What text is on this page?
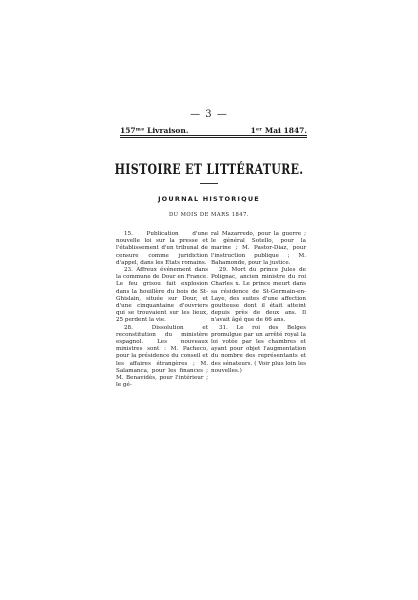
— 3 —
157ᵐᵉ Livraison.	1ᵉʳ Mai 1847.
HISTOIRE ET LITTÉRATURE.
JOURNAL HISTORIQUE
DU MOIS DE MARS 1847.

15. Publication d'une nouvelle loi sur la presse et l'établissement d'un tribunal de censure comme juridiction d'appel, dans les Etats romains.

23. Affreux événement dans la commune de Dour en France. Le feu grisou fait explosion dans la houillère du bois de St-Ghislain, située sur Dour, et d'une cinquantaine d'ouvriers qui se trouvaient sur les lieux, 25 perdent la vie.

28. Dissolution et reconstitution du ministère espagnol. Les nouveaux ministres sont : M. Pacheco, pour la présidence du conseil et les affaires étrangères ; M. Salamanca, pour les finances ; M. Benavidès, pour l'intérieur ; le gé-

ral Mazarredo, pour la guerre ; le général Sotello, pour la marine ; M. Pastor-Diaz, pour l'instruction publique ; M. Bahamonde, pour la justice.

29. Mort du prince Jules de Polignac, ancien ministre du roi Charles x. Le prince meurt dans sa résidence de St-Germain-en-Laye, des suites d'une affection goutteuse dont il était atteint depuis près de deux ans. Il n'avait âgé que de 66 ans.

31. Le roi des Belges promulgue par un arrêté royal la loi votée par les chambres et ayant pour objet l'augmentation du nombre des représentants et des sénateurs. ( Voir plus loin les nouvelles.)
